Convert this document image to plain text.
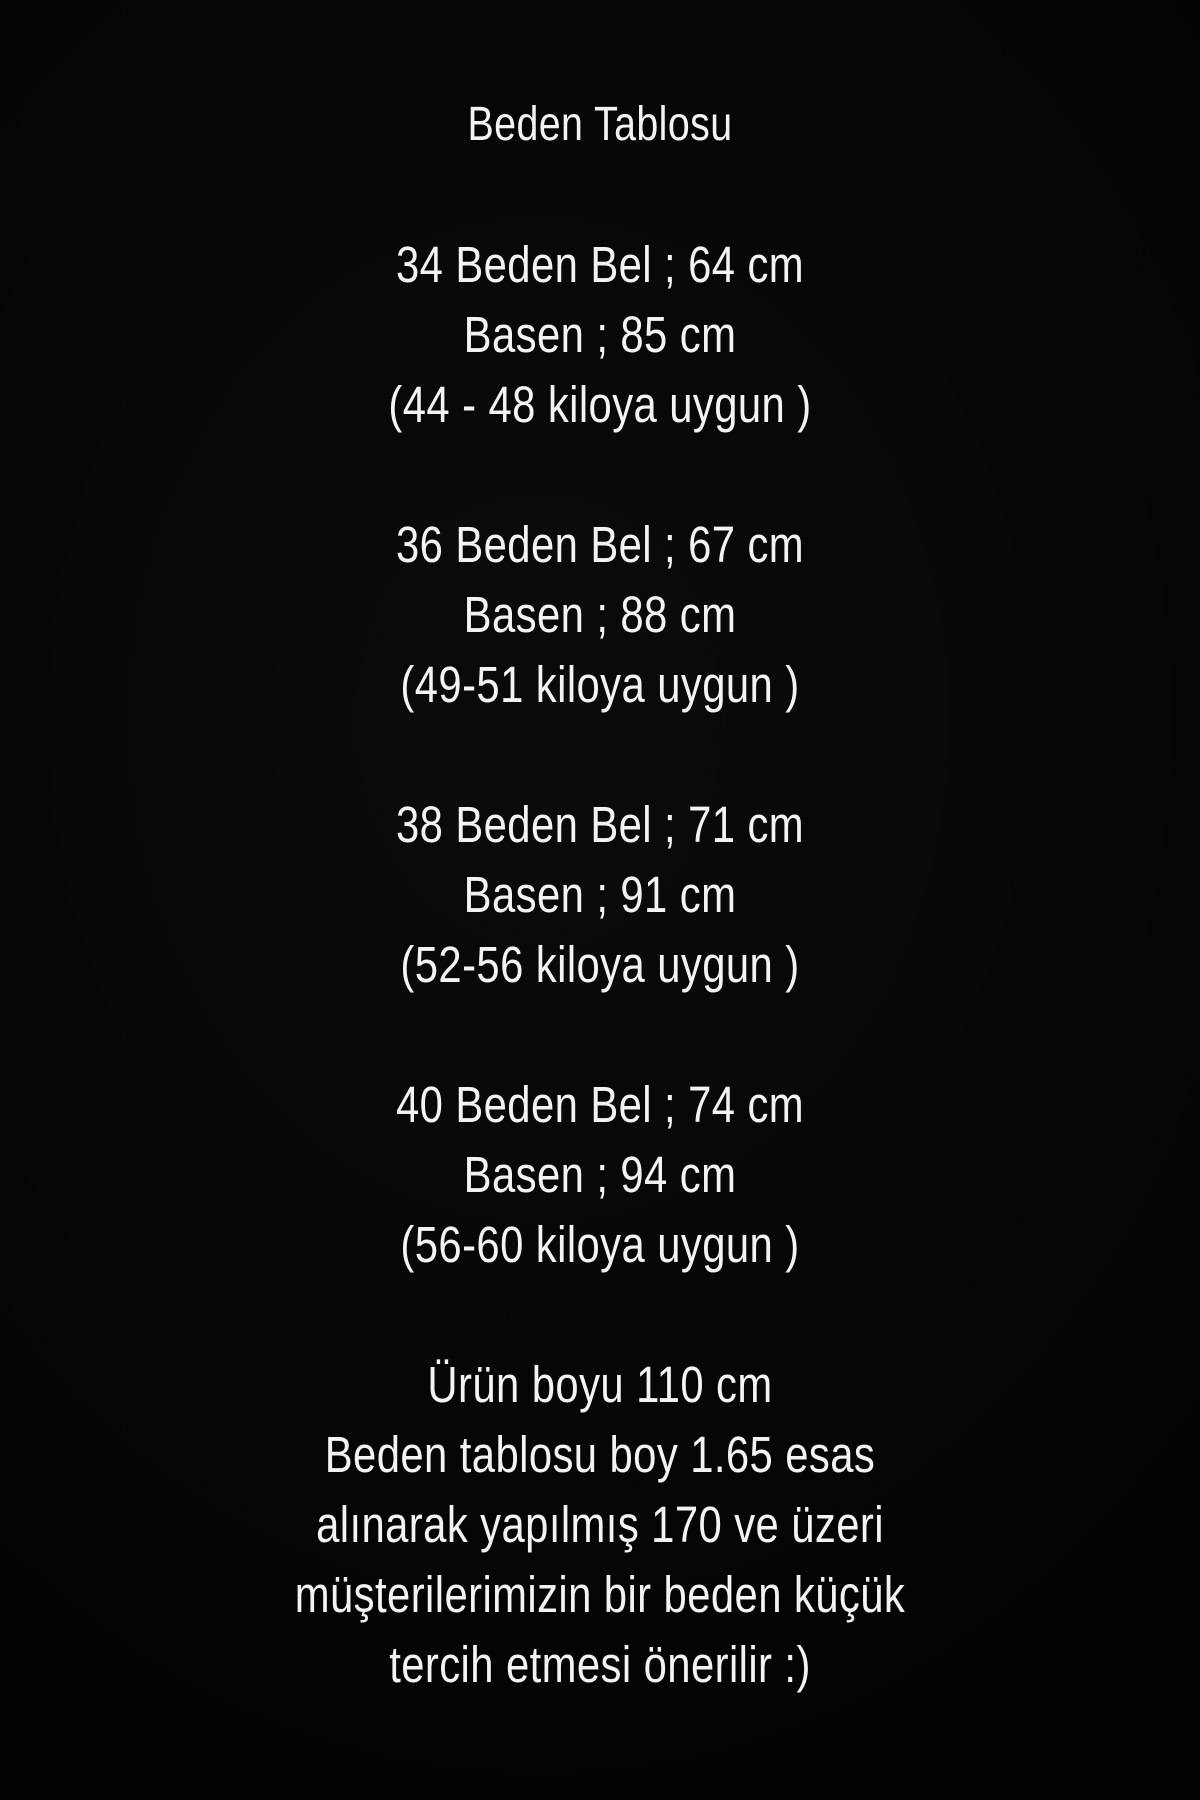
Beden Tablosu

34 Beden Bel ; 64 cm

Basen ; 85 cm

(44 - 48 kiloya uygun )

36 Beden Bel ; 67 cm

Basen ; 88 cm

(49-51 kiloya uygun )

38 Beden Bel ; 71 cm

Basen ; 91 cm

(52-56 kiloya uygun )

40 Beden Bel ; 74 cm

Basen ; 94 cm

(56-60 kiloya uygun )

Ürün boyu 110 cm

Beden tablosu boy 1.65 esas

alınarak yapılmış 170 ve üzeri

müşterilerimizin bir beden küçük

tercih etmesi önerilir :)
